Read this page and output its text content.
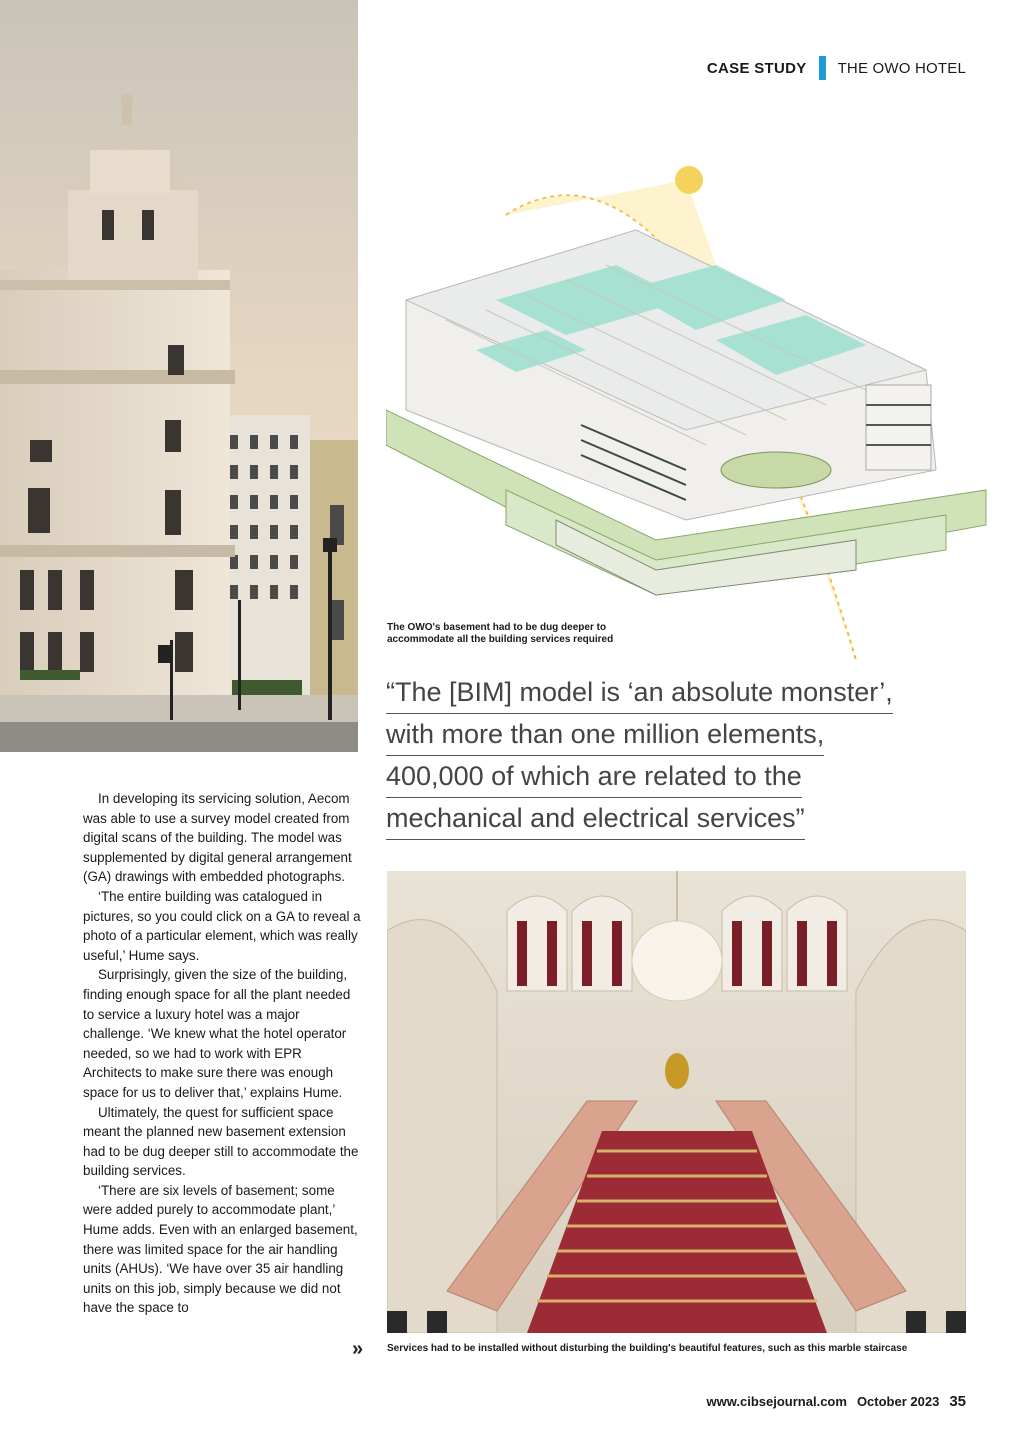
CASE STUDY THE OWO HOTEL
The OWO's basement had to be dug deeper to accommodate all the building services required
“The [BIM] model is ‘an absolute monster’,
with more than one million elements,
400,000 of which are related to the
mechanical and electrical services”

In developing its servicing solution, Aecom was able to use a survey model created from digital scans of the building. The model was supplemented by digital general arrangement (GA) drawings with embedded photographs.

‘The entire building was catalogued in pictures, so you could click on a GA to reveal a photo of a particular element, which was really useful,’ Hume says.

Surprisingly, given the size of the building, finding enough space for all the plant needed to service a luxury hotel was a major challenge. ‘We knew what the hotel operator needed, so we had to work with EPR Architects to make sure there was enough space for us to deliver that,’ explains Hume.

Ultimately, the quest for sufficient space meant the planned new basement extension had to be dug deeper still to accommodate the building services.

‘There are six levels of basement; some were added purely to accommodate plant,’ Hume adds. Even with an enlarged basement, there was limited space for the air handling units (AHUs). ‘We have over 35 air handling units on this job, simply because we did not have the space to

» Services had to be installed without disturbing the building's beautiful features, such as this marble staircase
www.cibsejournal.com October 2023 35
